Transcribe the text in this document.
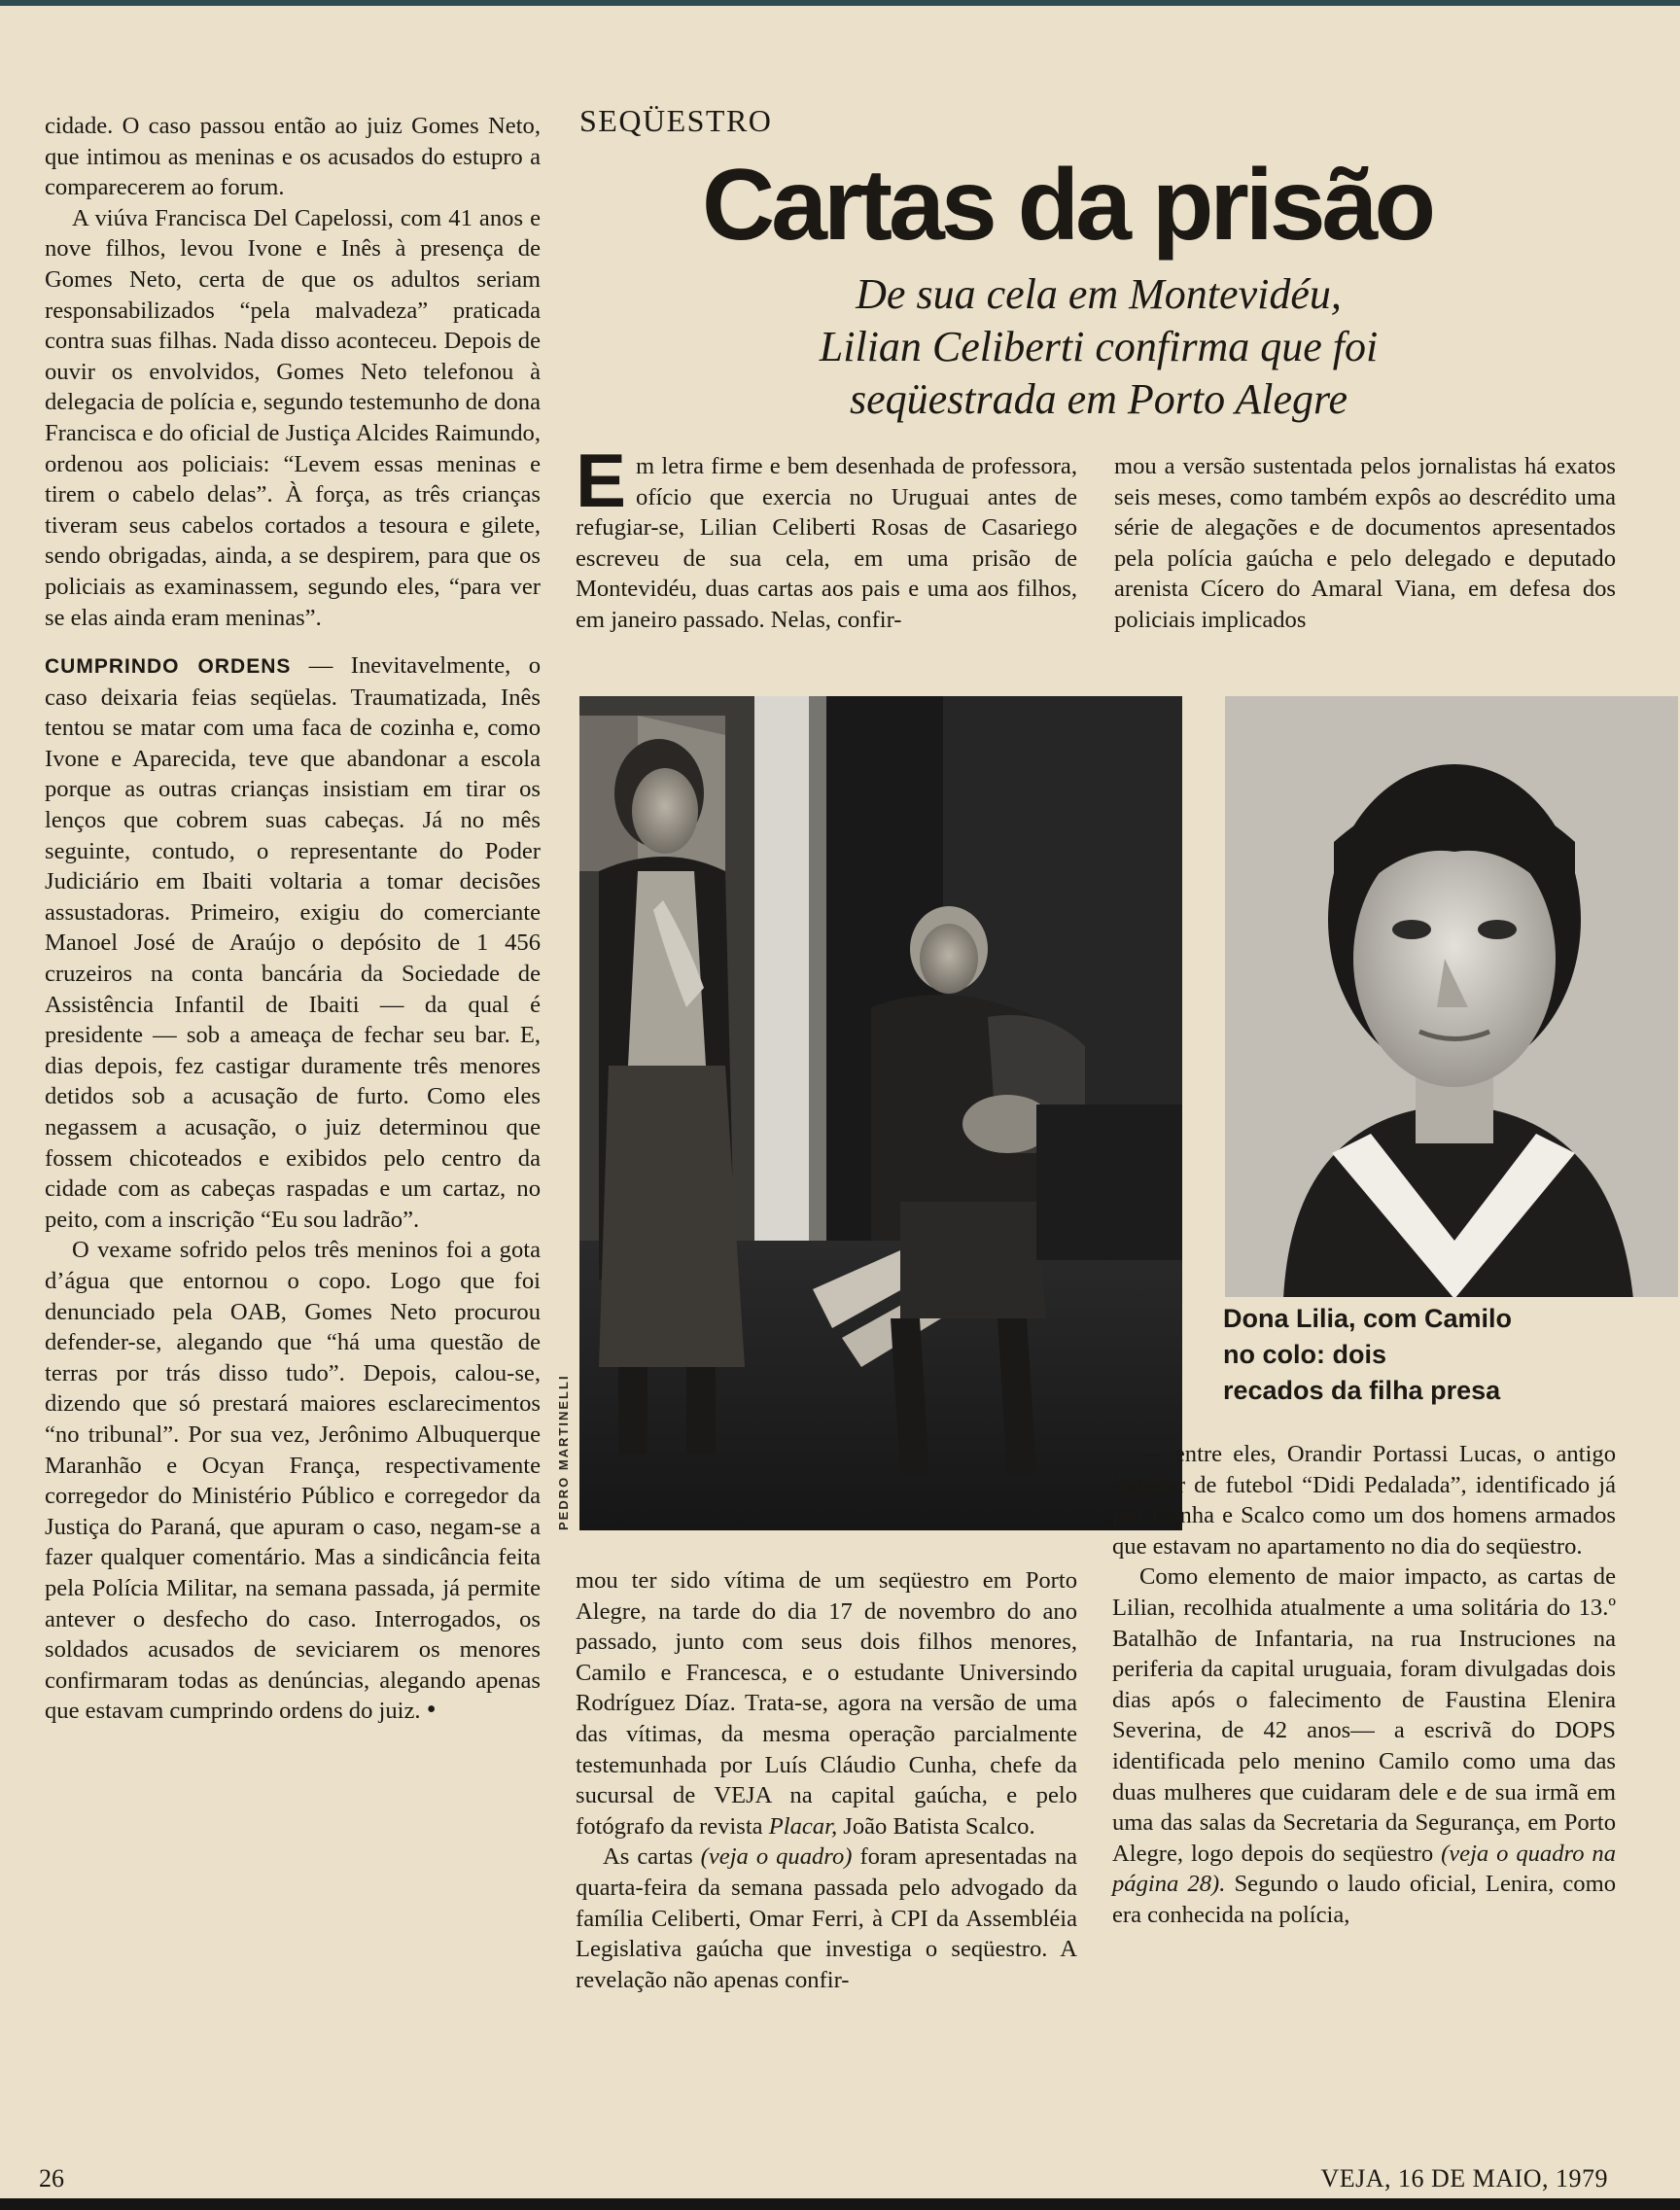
cidade. O caso passou então ao juiz Gomes Neto, que intimou as meninas e os acusados do estupro a comparecerem ao forum.

A viúva Francisca Del Capelossi, com 41 anos e nove filhos, levou Ivone e Inês à presença de Gomes Neto, certa de que os adultos seriam responsabilizados “pela malvadeza” praticada contra suas filhas. Nada disso aconteceu. Depois de ouvir os envolvidos, Gomes Neto telefonou à delegacia de polícia e, segundo testemunho de dona Francisca e do oficial de Justiça Alcides Raimundo, ordenou aos policiais: “Levem essas meninas e tirem o cabelo delas”. À força, as três crianças tiveram seus cabelos cortados a tesoura e gilete, sendo obrigadas, ainda, a se despirem, para que os policiais as examinassem, segundo eles, “para ver se elas ainda eram meninas”.

CUMPRINDO ORDENS — Inevitavelmente, o caso deixaria feias seqüelas. Traumatizada, Inês tentou se matar com uma faca de cozinha e, como Ivone e Aparecida, teve que abandonar a escola porque as outras crianças insistiam em tirar os lenços que cobrem suas cabeças. Já no mês seguinte, contudo, o representante do Poder Judiciário em Ibaiti voltaria a tomar decisões assustadoras. Primeiro, exigiu do comerciante Manoel José de Araújo o depósito de 1 456 cruzeiros na conta bancária da Sociedade de Assistência Infantil de Ibaiti — da qual é presidente — sob a ameaça de fechar seu bar. E, dias depois, fez castigar duramente três menores detidos sob a acusação de furto. Como eles negassem a acusação, o juiz determinou que fossem chicoteados e exibidos pelo centro da cidade com as cabeças raspadas e um cartaz, no peito, com a inscrição “Eu sou ladrão”.

O vexame sofrido pelos três meninos foi a gota d’água que entornou o copo. Logo que foi denunciado pela OAB, Gomes Neto procurou defender-se, alegando que “há uma questão de terras por trás disso tudo”. Depois, calou-se, dizendo que só prestará maiores esclarecimentos “no tribunal”. Por sua vez, Jerônimo Albuquerque Maranhão e Ocyan França, respectivamente corregedor do Ministério Público e corregedor da Justiça do Paraná, que apuram o caso, negam-se a fazer qualquer comentário. Mas a sindicância feita pela Polícia Militar, na semana passada, já permite antever o desfecho do caso. Interrogados, os soldados acusados de seviciarem os menores confirmaram todas as denúncias, alegando apenas que estavam cumprindo ordens do juiz. •

SEQÜESTRO
Cartas da prisão
De sua cela em Montevidéu,
Lilian Celiberti confirma que foi
seqüestrada em Porto Alegre

Em letra firme e bem desenhada de professora, ofício que exercia no Uruguai antes de refugiar-se, Lilian Celiberti Rosas de Casariego escreveu de sua cela, em uma prisão de Montevidéu, duas cartas aos pais e uma aos filhos, em janeiro passado. Nelas, confir-

mou a versão sustentada pelos jornalistas há exatos seis meses, como também expôs ao descrédito uma série de alegações e de documentos apresentados pela polícia gaúcha e pelo delegado e deputado arenista Cícero do Amaral Viana, em defesa dos policiais implicados

PEDRO MARTINELLI
Dona Lilia, com Camilo
no colo: dois
recados da filha presa

— entre eles, Orandir Portassi Lucas, o antigo jogador de futebol “Didi Pedalada”, identificado já por Cunha e Scalco como um dos homens armados que estavam no apartamento no dia do seqüestro.

Como elemento de maior impacto, as cartas de Lilian, recolhida atualmente a uma solitária do 13.º Batalhão de Infantaria, na rua Instruciones na periferia da capital uruguaia, foram divulgadas dois dias após o falecimento de Faustina Elenira Severina, de 42 anos— a escrivã do DOPS identificada pelo menino Camilo como uma das duas mulheres que cuidaram dele e de sua irmã em uma das salas da Secretaria da Segurança, em Porto Alegre, logo depois do seqüestro (veja o quadro na página 28). Segundo o laudo oficial, Lenira, como era conhecida na polícia,

mou ter sido vítima de um seqüestro em Porto Alegre, na tarde do dia 17 de novembro do ano passado, junto com seus dois filhos menores, Camilo e Francesca, e o estudante Universindo Rodríguez Díaz. Trata-se, agora na versão de uma das vítimas, da mesma operação parcialmente testemunhada por Luís Cláudio Cunha, chefe da sucursal de VEJA na capital gaúcha, e pelo fotógrafo da revista Placar, João Batista Scalco.

As cartas (veja o quadro) foram apresentadas na quarta-feira da semana passada pelo advogado da família Celiberti, Omar Ferri, à CPI da Assembléia Legislativa gaúcha que investiga o seqüestro. A revelação não apenas confir-

26	VEJA, 16 DE MAIO, 1979
